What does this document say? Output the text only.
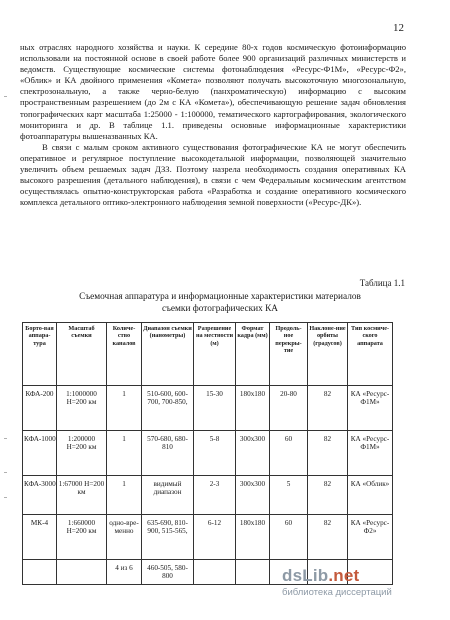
12

ных отраслях народного хозяйства и науки. К середине 80-х годов космическую фотоинформацию использовали на постоянной основе в своей работе более 900 организаций различных министерств и ведомств. Существующие космические системы фотонаблюдения «Ресурс-Ф1М», «Ресурс-Ф2», «Облик» и КА двойного применения «Комета» позволяют получать высокоточную многозональную, спектрозональную, а также черно-белую (панхроматическую) информацию с высоким пространственным разрешением (до 2м с КА «Комета»), обеспечивающую решение задач обновления топографических карт масштаба 1:25000 - 1:100000, тематического картографирования, экологического мониторинга и др. В таблице 1.1. приведены основные информационные характеристики фотоаппаратуры вышеназванных КА.

В связи с малым сроком активного существования фотографические КА не могут обеспечить оперативное и регулярное поступление высокодетальной информации, позволяющей значительно увеличить объем решаемых задач ДЗЗ. Поэтому назрела необходимость создания оперативных КА высокого разрешения (детального наблюдения), в связи с чем Федеральным космическим агентством осуществлялась опытно-конструкторская работа «Разработка и создание оперативного космического комплекса детального оптико-электронного наблюдения земной поверхности («Ресурс-ДК»).

Таблица 1.1
Съемочная аппаратура и информационные характеристики материалов съемки фотографических КА
Борто-вая аппара-тура	Масштаб съемки	Количе-ство каналов	Диапазон съемки (нанометры)	Разрешение на местности (м)	Формат кадра (мм)	Продоль-ное перекры-тие	Наклоне-ние орбиты (градусов)	Тип космиче-ского аппарата
КФА-200	1:1000000 Н=200 км	1	510-600, 600-700, 700-850,	15-30	180х180	20-80	82	КА «Ресурс-Ф1М»
КФА-1000	1:200000 Н=200 км	1	570-680, 680-810	5-8	300х300	60	82	КА «Ресурс-Ф1М»
КФА-3000	1:67000 Н=200 км	1	видимый диапазон	2-3	300х300	5	82	КА «Облик»
МК-4	1:660000 Н=200 км	одно-вре-менно	635-690, 810-900, 515-565,	6-12	180х180	60	82	КА «Ресурс-Ф2»
		4 из 6	460-505, 580-800						dsLib.net
библиотека диссертаций
